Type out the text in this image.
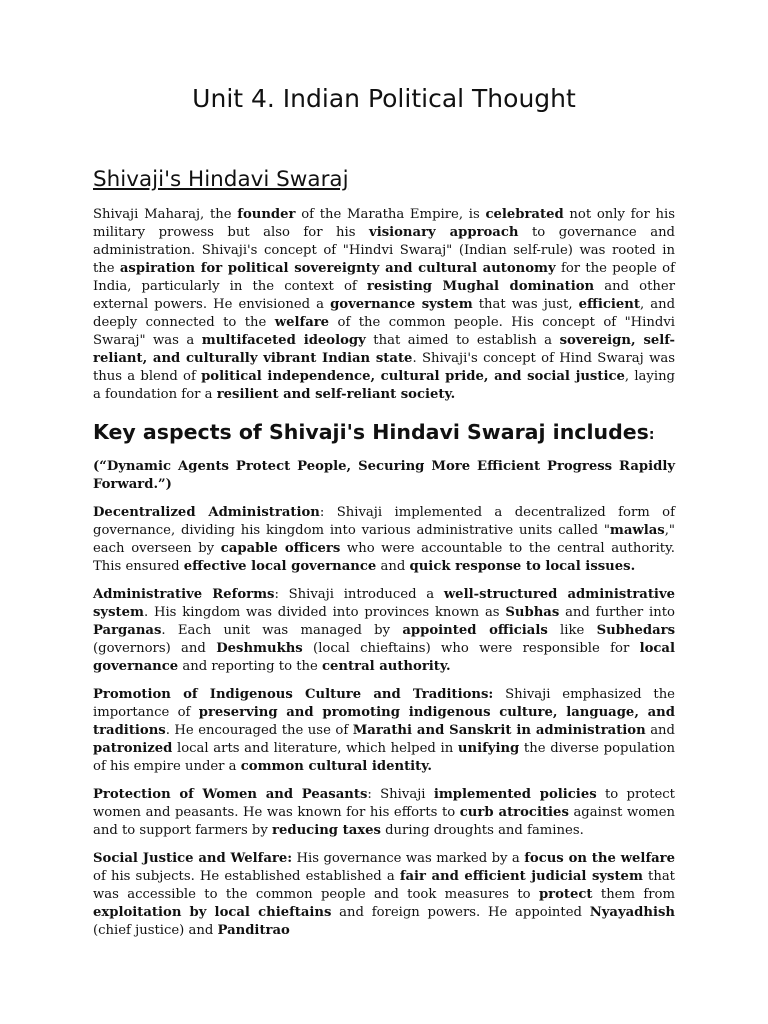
Unit 4. Indian Political Thought
Shivaji's Hindavi Swaraj

Shivaji Maharaj, the founder of the Maratha Empire, is celebrated not only for his military prowess but also for his visionary approach to governance and administration. Shivaji's concept of "Hindvi Swaraj" (Indian self-rule) was rooted in the aspiration for political sovereignty and cultural autonomy for the people of India, particularly in the context of resisting Mughal domination and other external powers. He envisioned a governance system that was just, efficient, and deeply connected to the welfare of the common people. His concept of "Hindvi Swaraj" was a multifaceted ideology that aimed to establish a sovereign, self-reliant, and culturally vibrant Indian state. Shivaji's concept of Hind Swaraj was thus a blend of political independence, cultural pride, and social justice, laying a foundation for a resilient and self-reliant society.

Key aspects of Shivaji's Hindavi Swaraj includes:

(“Dynamic Agents Protect People, Securing More Efficient Progress Rapidly Forward.”)

Decentralized Administration: Shivaji implemented a decentralized form of governance, dividing his kingdom into various administrative units called "mawlas," each overseen by capable officers who were accountable to the central authority. This ensured effective local governance and quick response to local issues.

Administrative Reforms: Shivaji introduced a well-structured administrative system. His kingdom was divided into provinces known as Subhas and further into Parganas. Each unit was managed by appointed officials like Subhedars (governors) and Deshmukhs (local chieftains) who were responsible for local governance and reporting to the central authority.

Promotion of Indigenous Culture and Traditions: Shivaji emphasized the importance of preserving and promoting indigenous culture, language, and traditions. He encouraged the use of Marathi and Sanskrit in administration and patronized local arts and literature, which helped in unifying the diverse population of his empire under a common cultural identity.

Protection of Women and Peasants: Shivaji implemented policies to protect women and peasants. He was known for his efforts to curb atrocities against women and to support farmers by reducing taxes during droughts and famines.

Social Justice and Welfare: His governance was marked by a focus on the welfare of his subjects. He established established a fair and efficient judicial system that was accessible to the common people and took measures to protect them from exploitation by local chieftains and foreign powers. He appointed Nyayadhish (chief justice) and Panditrao
